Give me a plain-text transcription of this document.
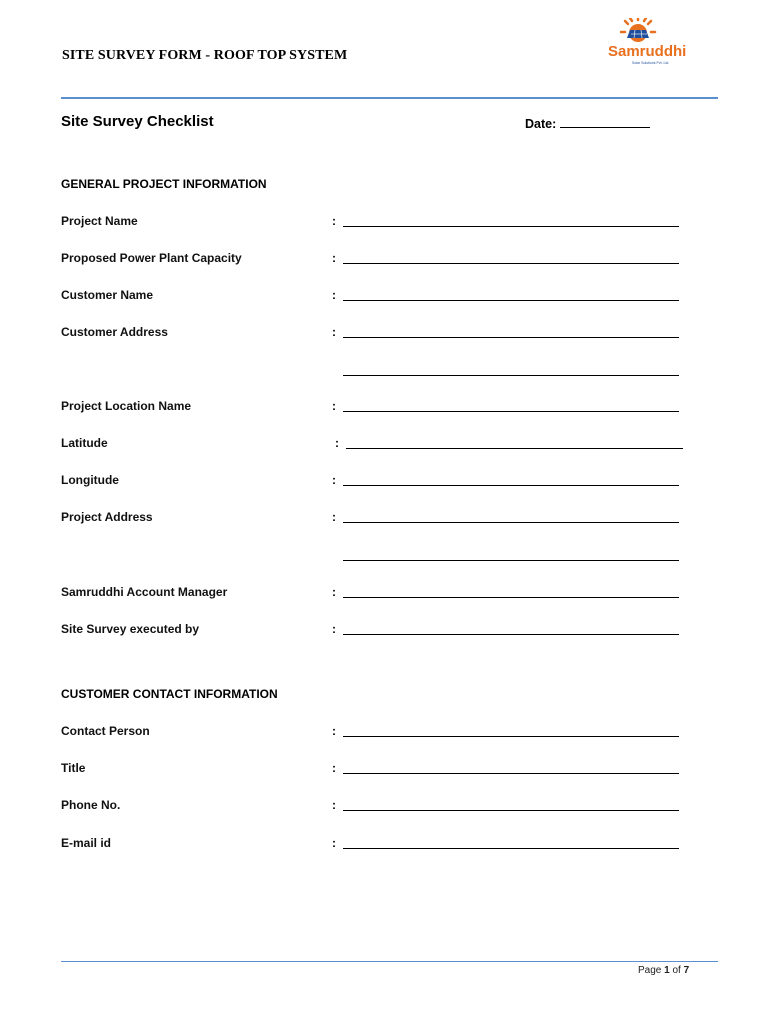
SITE SURVEY FORM - ROOF TOP SYSTEM	Samruddhi
Solar Solutions Pvt. Ltd.
Site Survey Checklist	Date:
GENERAL PROJECT INFORMATION
Project Name	:
Proposed Power Plant Capacity	:
Customer Name	:
Customer Address	:
Project Location Name	:
Latitude	:
Longitude	:
Project Address	:
Samruddhi Account Manager	:
Site Survey executed by	:
CUSTOMER CONTACT INFORMATION
Contact Person	:
Title	:
Phone No.	:
E-mail id	:
Page 1 of 7
